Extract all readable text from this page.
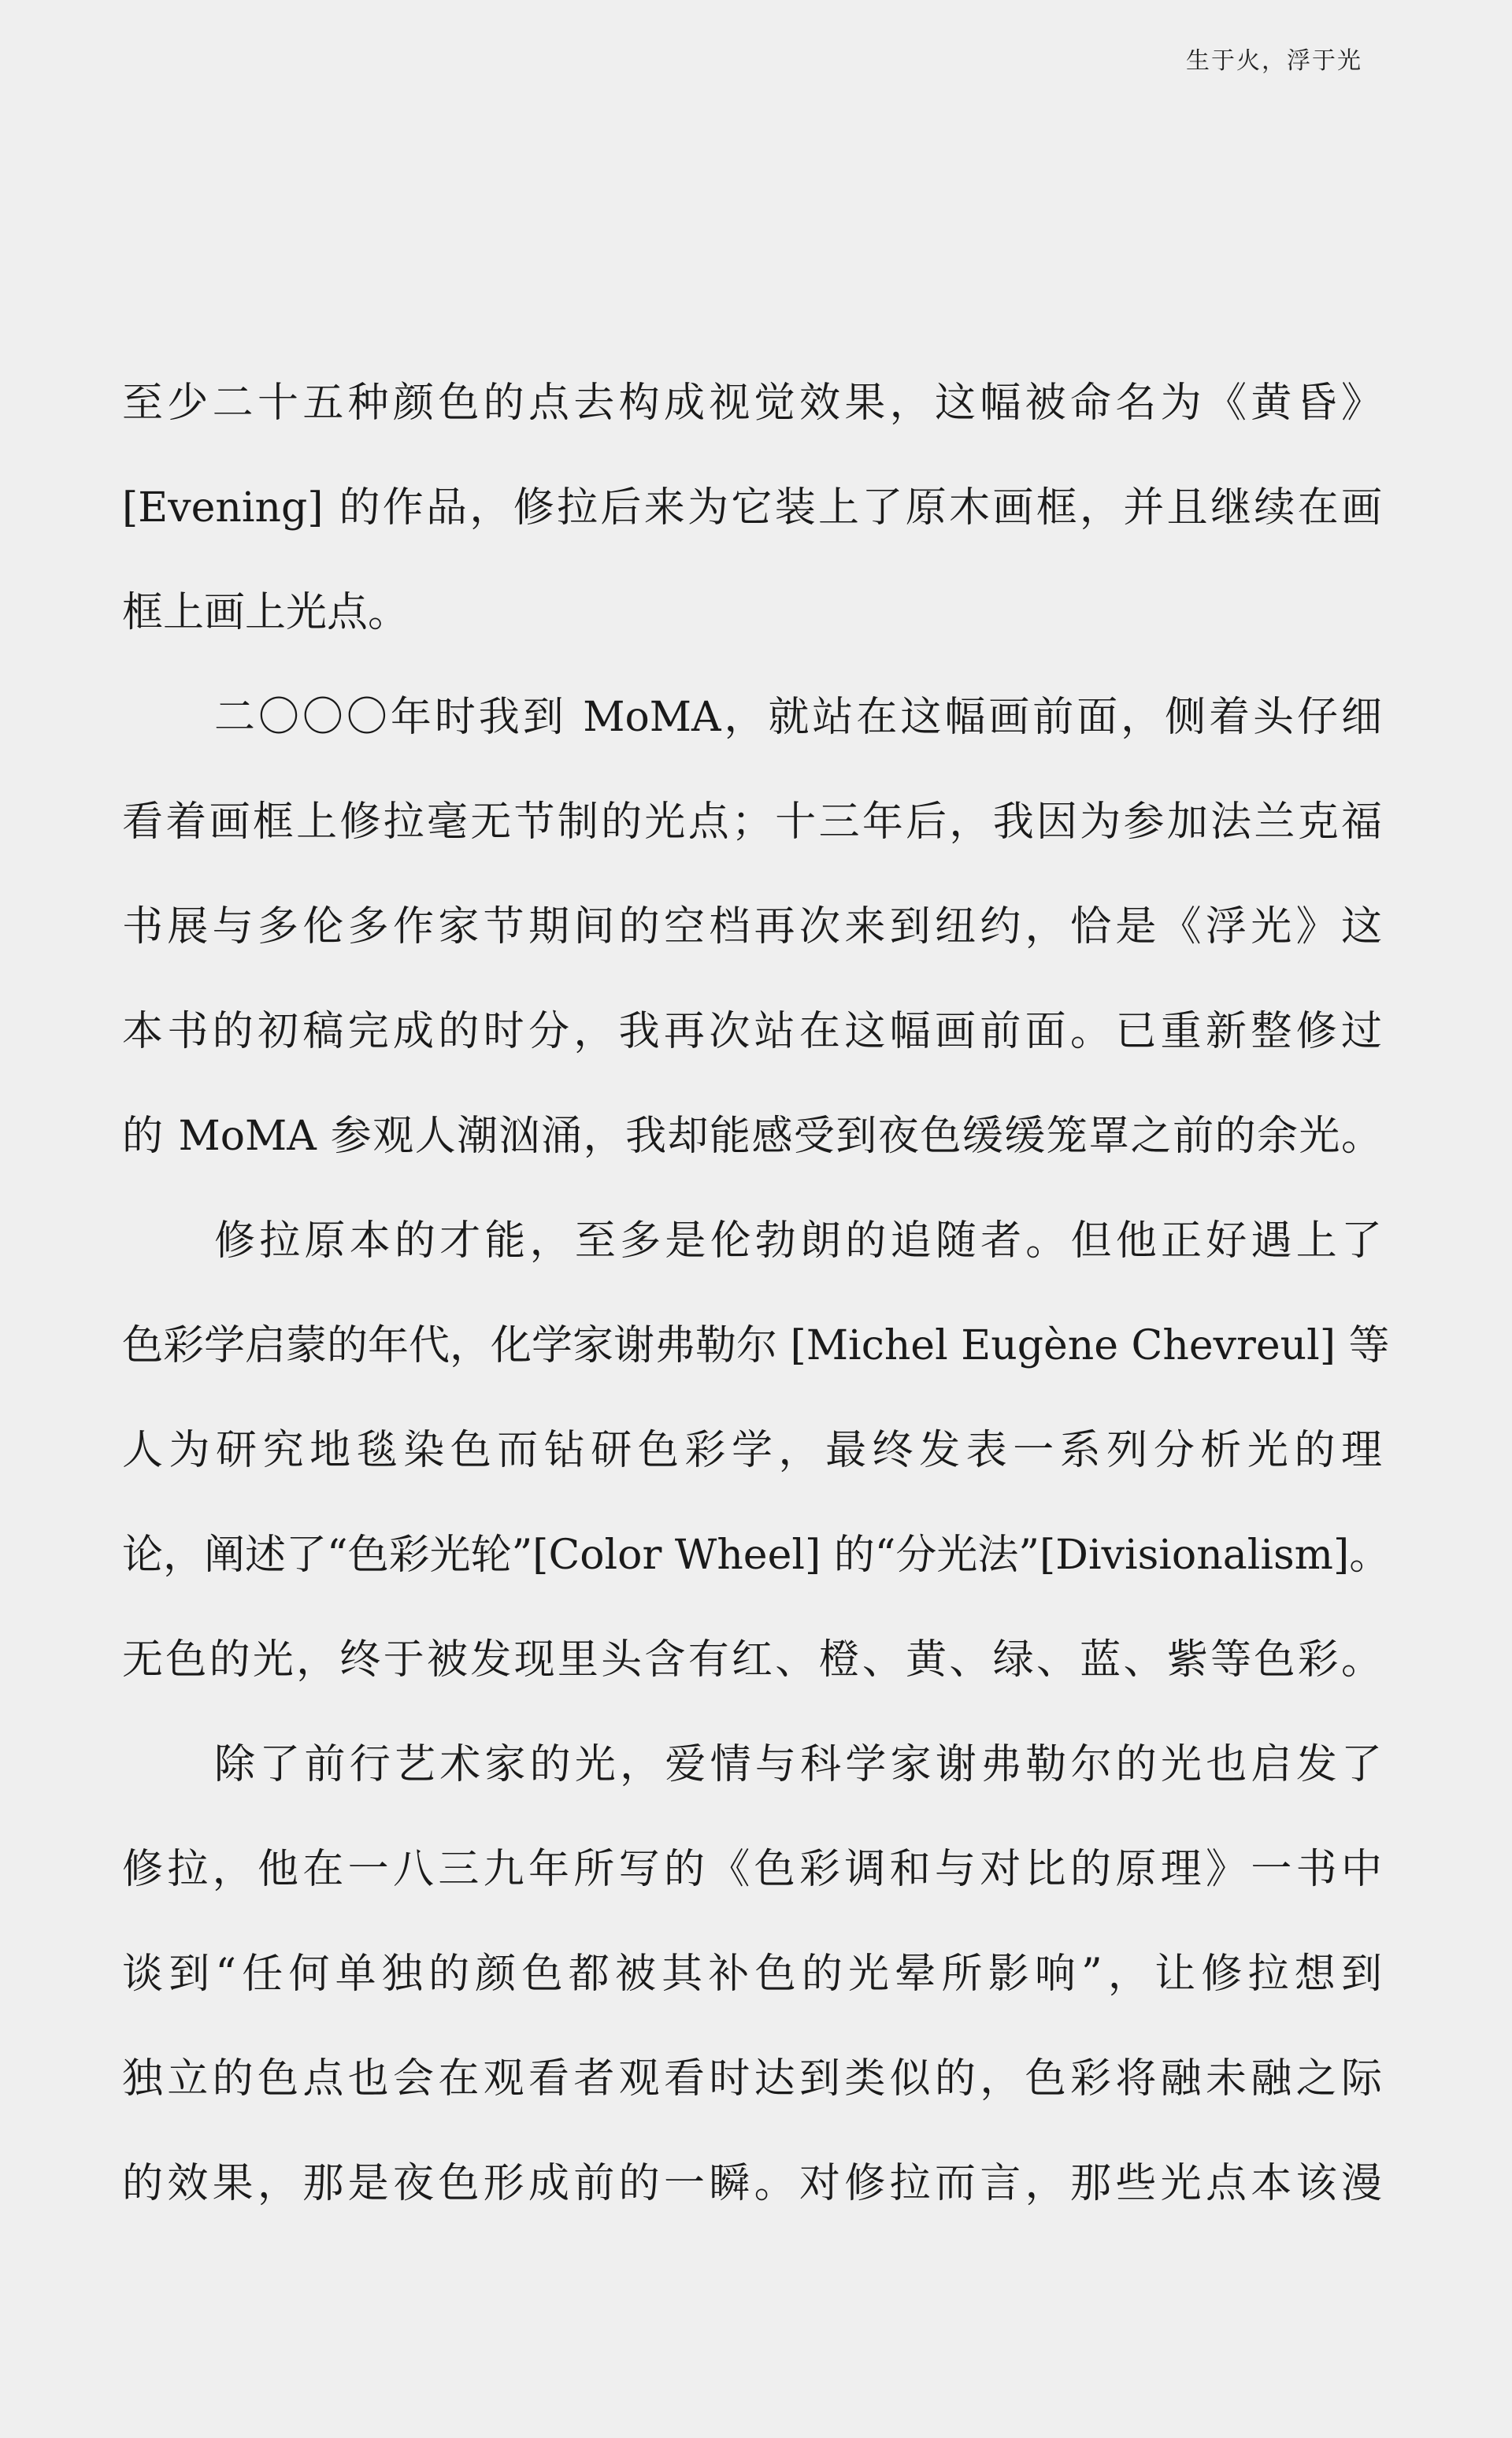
生于火，浮于光
至少二十五种颜色的点去构成视觉效果，这幅被命名为《黄昏》
[Evening] 的作品，修拉后来为它装上了原木画框，并且继续在画
框上画上光点。
二〇〇〇年时我到 MoMA，就站在这幅画前面，侧着头仔细
看着画框上修拉毫无节制的光点；十三年后，我因为参加法兰克福
书展与多伦多作家节期间的空档再次来到纽约，恰是《浮光》这
本书的初稿完成的时分，我再次站在这幅画前面。已重新整修过
的 MoMA 参观人潮汹涌，我却能感受到夜色缓缓笼罩之前的余光。
修拉原本的才能，至多是伦勃朗的追随者。但他正好遇上了
色彩学启蒙的年代，化学家谢弗勒尔 [Michel Eugène Chevreul] 等
人为研究地毯染色而钻研色彩学，最终发表一系列分析光的理
论，阐述了“色彩光轮”[Color Wheel] 的“分光法”[Divisionalism]。
无色的光，终于被发现里头含有红、橙、黄、绿、蓝、紫等色彩。
除了前行艺术家的光，爱情与科学家谢弗勒尔的光也启发了
修拉，他在一八三九年所写的《色彩调和与对比的原理》一书中
谈到“任何单独的颜色都被其补色的光晕所影响”，让修拉想到
独立的色点也会在观看者观看时达到类似的，色彩将融未融之际
的效果，那是夜色形成前的一瞬。对修拉而言，那些光点本该漫
